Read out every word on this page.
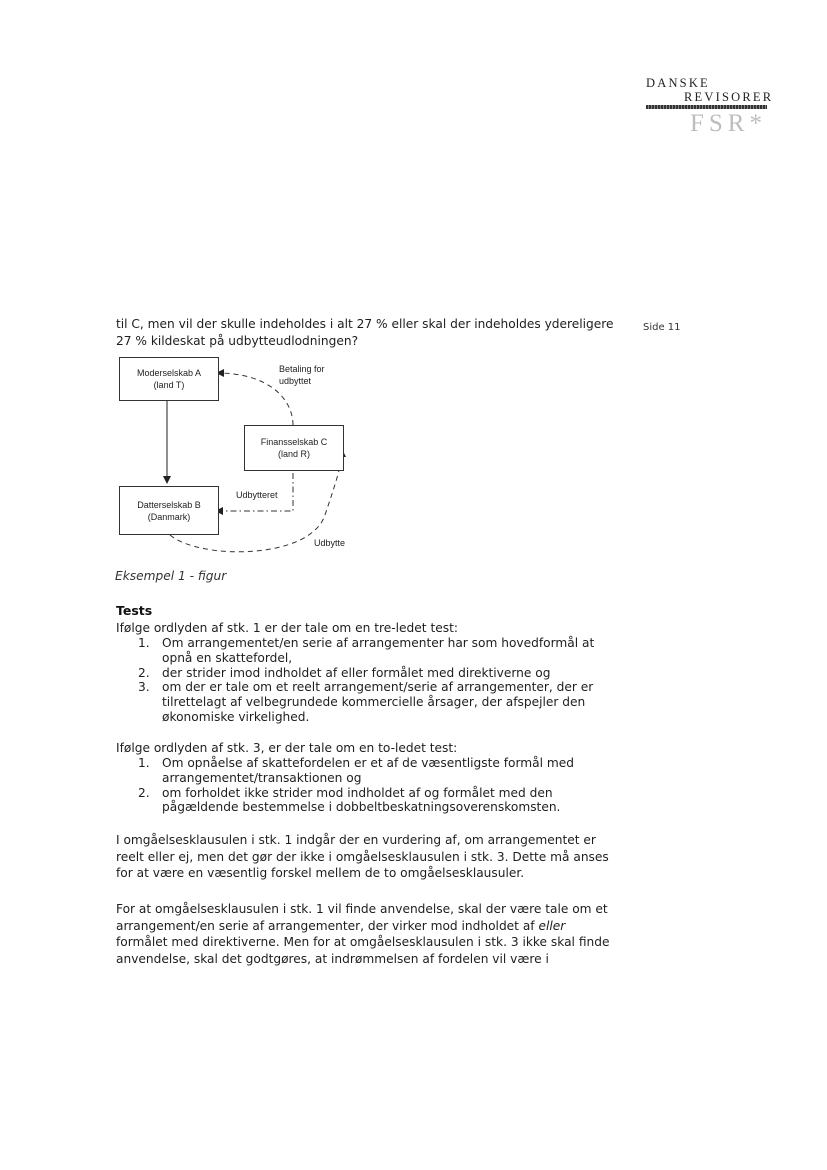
DANSKE
REVISORER
FSR*
Side 11
til C, men vil der skulle indeholdes i alt 27 % eller skal der indeholdes ydereligere
27 % kildeskat på udbytteudlodningen?
Moderselskab A
(land T)
Finansselskab C
(land R)
Datterselskab B
(Danmark)
Betaling for
udbyttet
Udbytteret
Udbytte
Eksempel 1 - figur
Tests
Ifølge ordlyden af stk. 1 er der tale om en tre-ledet test:
1. Om arrangementet/en serie af arrangementer har som hovedformål at
opnå en skattefordel,
2. der strider imod indholdet af eller formålet med direktiverne og
3. om der er tale om et reelt arrangement/serie af arrangementer, der er
tilrettelagt af velbegrundede kommercielle årsager, der afspejler den
økonomiske virkelighed.
Ifølge ordlyden af stk. 3, er der tale om en to-ledet test:
1. Om opnåelse af skattefordelen er et af de væsentligste formål med
arrangementet/transaktionen og
2. om forholdet ikke strider mod indholdet af og formålet med den
pågældende bestemmelse i dobbeltbeskatningsoverenskomsten.
I omgåelsesklausulen i stk. 1 indgår der en vurdering af, om arrangementet er
reelt eller ej, men det gør der ikke i omgåelsesklausulen i stk. 3. Dette må anses
for at være en væsentlig forskel mellem de to omgåelsesklausuler.
For at omgåelsesklausulen i stk. 1 vil finde anvendelse, skal der være tale om et
arrangement/en serie af arrangementer, der virker mod indholdet af eller
formålet med direktiverne. Men for at omgåelsesklausulen i stk. 3 ikke skal finde
anvendelse, skal det godtgøres, at indrømmelsen af fordelen vil være i
